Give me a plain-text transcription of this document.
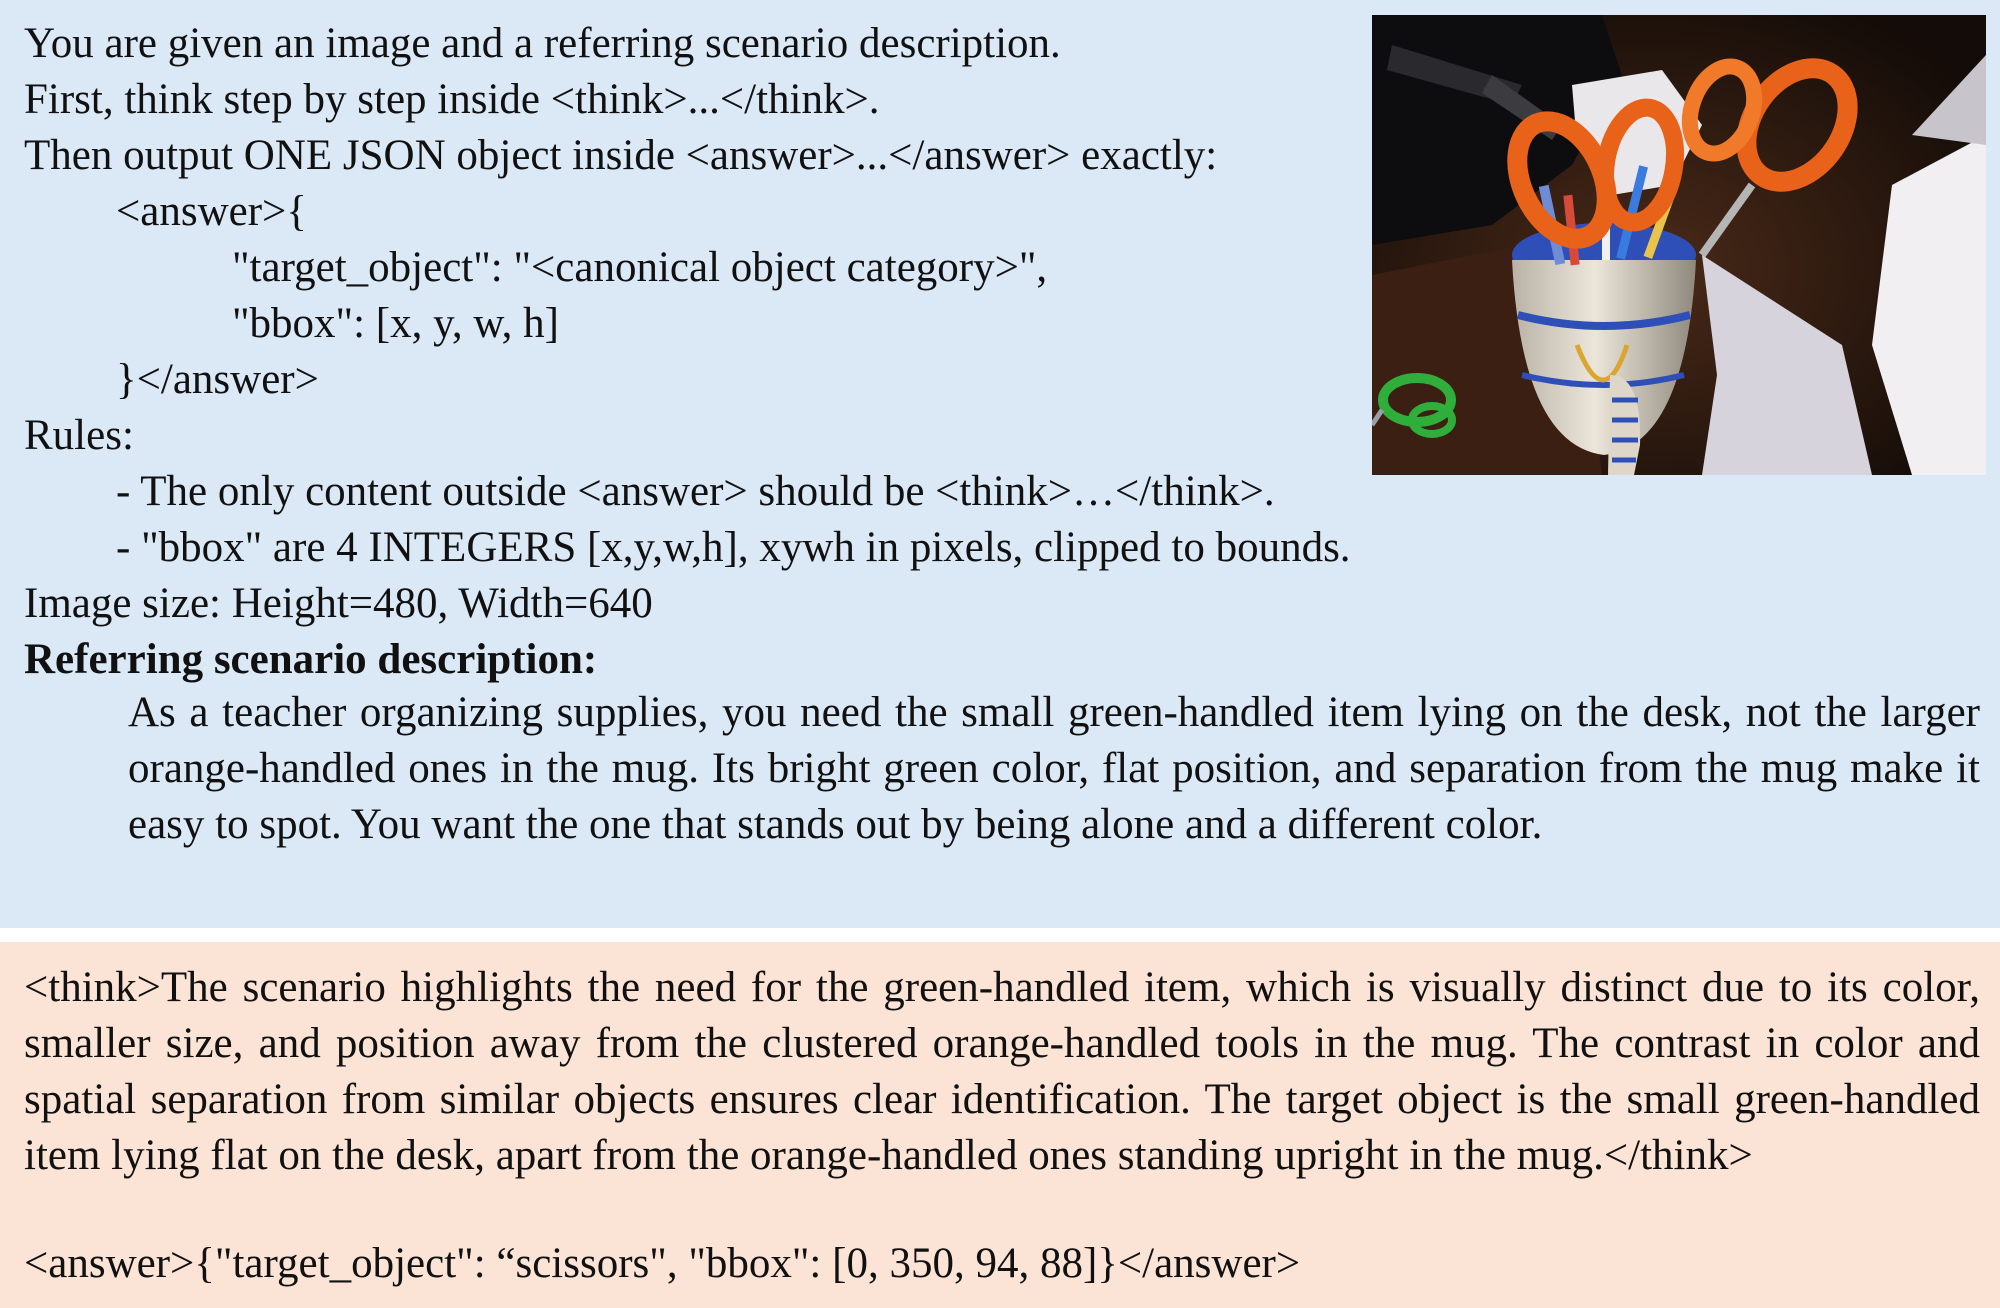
You are given an image and a referring scenario description.
First, think step by step inside <think>...</think>.
Then output ONE JSON object inside <answer>...</answer> exactly:
<answer>{
"target_object": "<canonical object category>",
"bbox": [x, y, w, h]
}</answer>
Rules:
- The only content outside <answer> should be <think>…</think>.
- "bbox" are 4 INTEGERS [x,y,w,h], xywh in pixels, clipped to bounds.
Image size: Height=480, Width=640
Referring scenario description:
As a teacher organizing supplies, you need the small green-handled item lying on the desk, not the larger orange-handled ones in the mug. Its bright green color, flat position, and separation from the mug make it easy to spot. You want the one that stands out by being alone and a different color.
<think>The scenario highlights the need for the green-handled item, which is visually distinct due to its color, smaller size, and position away from the clustered orange-handled tools in the mug. The contrast in color and spatial separation from similar objects ensures clear identification. The target object is the small green-handled item lying flat on the desk, apart from the orange-handled ones standing upright in the mug.</think>
<answer>{"target_object": “scissors", "bbox": [0, 350, 94, 88]}</answer>
